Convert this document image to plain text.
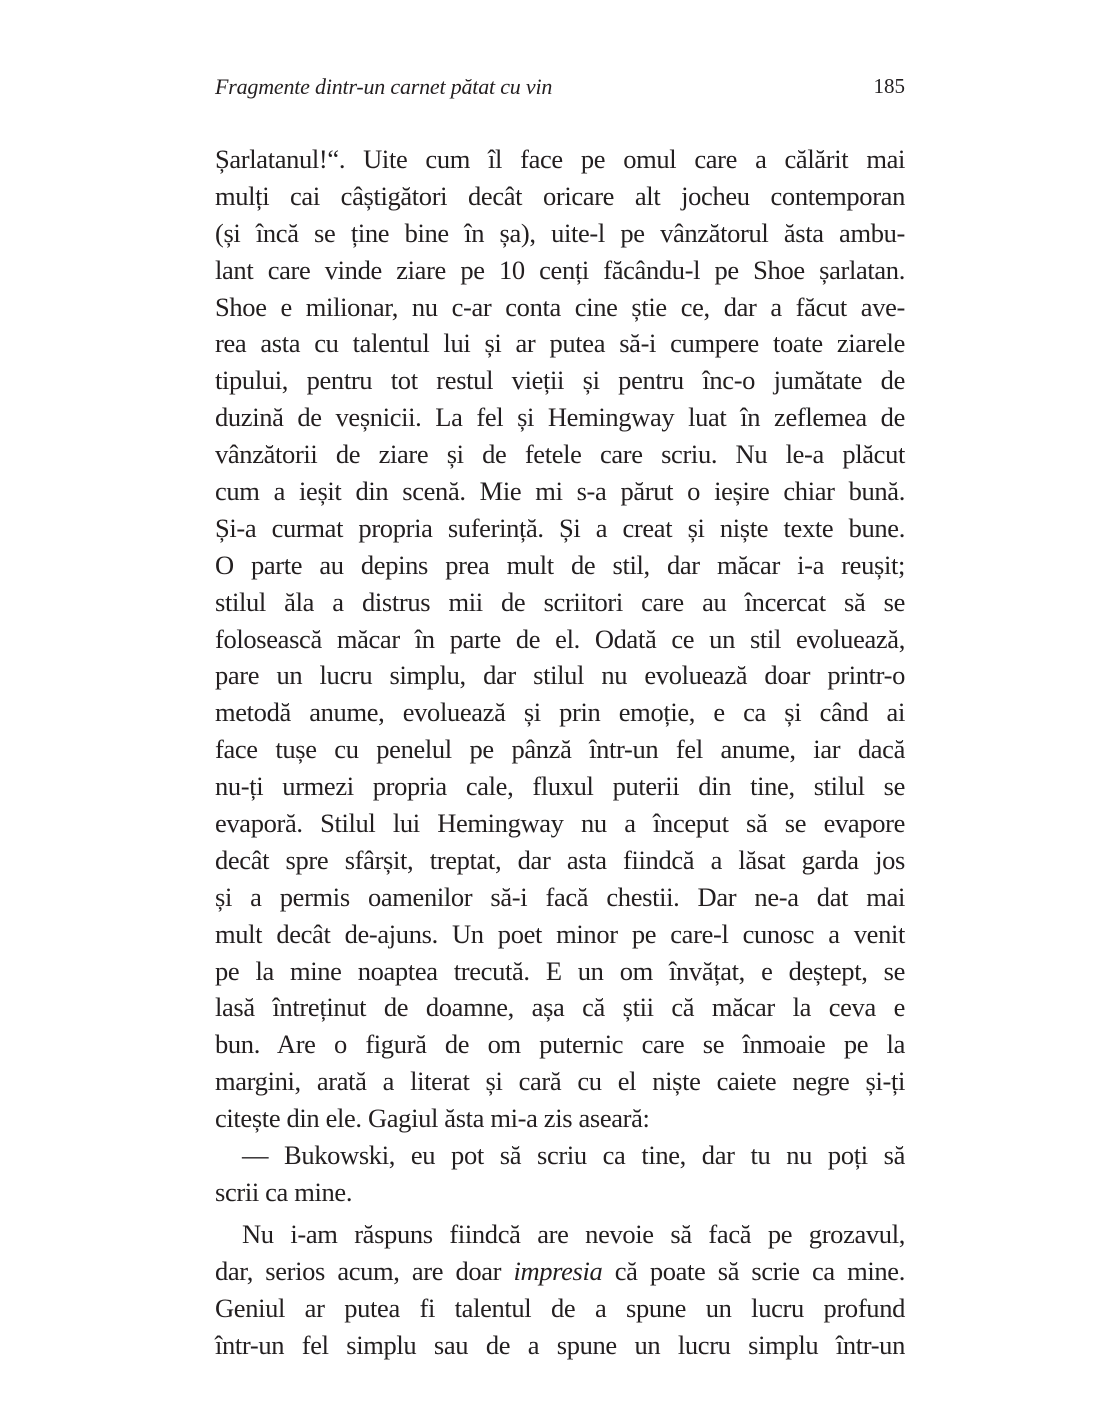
Fragmente dintr-un carnet pătat cu vin	185
Șarlatanul!“. Uite cum îl face pe omul care a călărit mai
mulți cai câștigători decât oricare alt jocheu contemporan
(și încă se ține bine în șa), uite-l pe vânzătorul ăsta ambu-
lant care vinde ziare pe 10 cenți făcându-l pe Shoe șarlatan.
Shoe e milionar, nu c-ar conta cine știe ce, dar a făcut ave-
rea asta cu talentul lui și ar putea să-i cumpere toate ziarele
tipului, pentru tot restul vieții și pentru înc-o jumătate de
duzină de veșnicii. La fel și Hemingway luat în zeflemea de
vânzătorii de ziare și de fetele care scriu. Nu le-a plăcut
cum a ieșit din scenă. Mie mi s-a părut o ieșire chiar bună.
Și-a curmat propria suferință. Și a creat și niște texte bune.
O parte au depins prea mult de stil, dar măcar i-a reușit;
stilul ăla a distrus mii de scriitori care au încercat să se
folosească măcar în parte de el. Odată ce un stil evoluează,
pare un lucru simplu, dar stilul nu evoluează doar printr-o
metodă anume, evoluează și prin emoție, e ca și când ai
face tușe cu penelul pe pânză într-un fel anume, iar dacă
nu-ți urmezi propria cale, fluxul puterii din tine, stilul se
evaporă. Stilul lui Hemingway nu a început să se evapore
decât spre sfârșit, treptat, dar asta fiindcă a lăsat garda jos
și a permis oamenilor să-i facă chestii. Dar ne-a dat mai
mult decât de-ajuns. Un poet minor pe care-l cunosc a venit
pe la mine noaptea trecută. E un om învățat, e deștept, se
lasă întreținut de doamne, așa că știi că măcar la ceva e
bun. Are o figură de om puternic care se înmoaie pe la
margini, arată a literat și cară cu el niște caiete negre și-ți
citește din ele. Gagiul ăsta mi-a zis aseară:
— Bukowski, eu pot să scriu ca tine, dar tu nu poți să
scrii ca mine.
Nu i-am răspuns fiindcă are nevoie să facă pe grozavul,
dar, serios acum, are doar impresia că poate să scrie ca mine.
Geniul ar putea fi talentul de a spune un lucru profund
într-un fel simplu sau de a spune un lucru simplu într-un
